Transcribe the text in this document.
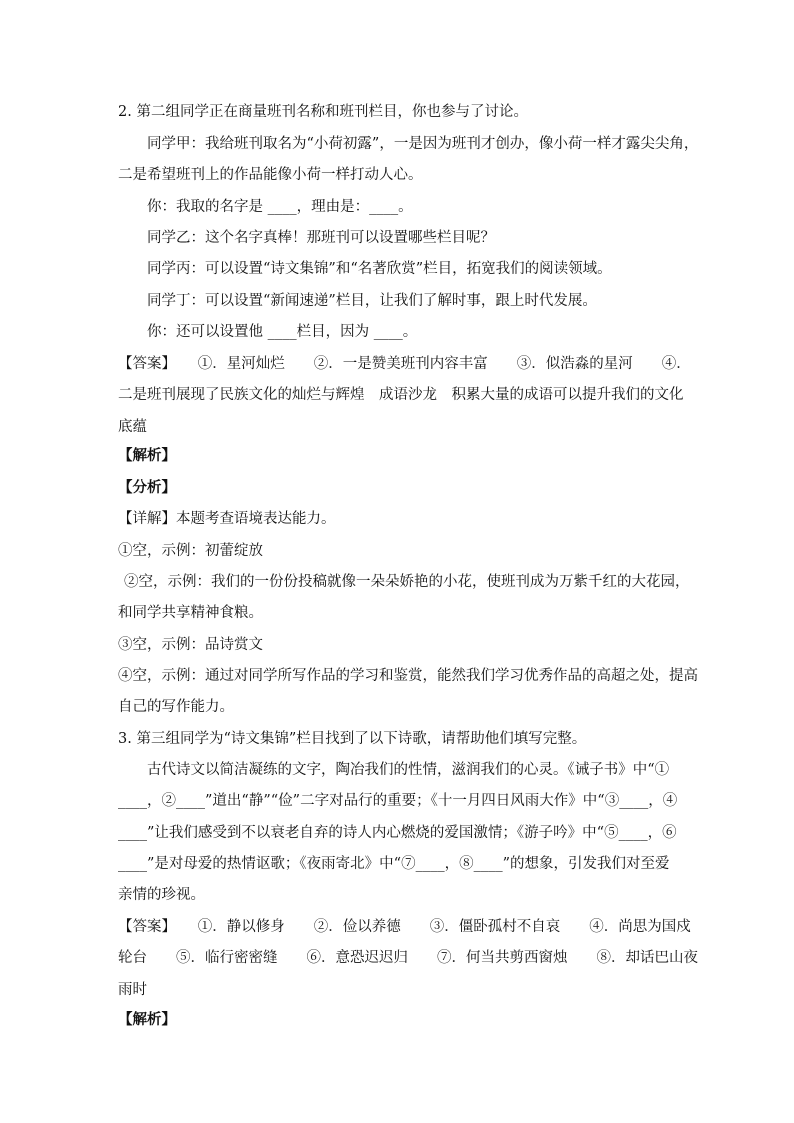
2. 第二组同学正在商量班刊名称和班刊栏目，你也参与了讨论。
同学甲：我给班刊取名为“小荷初露”，一是因为班刊才创办，像小荷一样才露尖尖角，
二是希望班刊上的作品能像小荷一样打动人心。
你：我取的名字是 ____，理由是：____。
同学乙：这个名字真棒！那班刊可以设置哪些栏目呢？
同学丙：可以设置“诗文集锦”和“名著欣赏”栏目，拓宽我们的阅读领域。
同学丁：可以设置“新闻速递”栏目，让我们了解时事，跟上时代发展。
你：还可以设置他 ____栏目，因为 ____。
【答案】　　①．星河灿烂　　②．一是赞美班刊内容丰富　　③．似浩淼的星河　　④．
二是班刊展现了民族文化的灿烂与辉煌　成语沙龙　积累大量的成语可以提升我们的文化
底蕴
【解析】
【分析】
【详解】本题考查语境表达能力。
①空，示例：初蕾绽放
②空，示例：我们的一份份投稿就像一朵朵娇艳的小花，使班刊成为万紫千红的大花园，
和同学共享精神食粮。
③空，示例：品诗赏文
④空，示例：通过对同学所写作品的学习和鉴赏，能然我们学习优秀作品的高超之处，提高
自己的写作能力。
3. 第三组同学为“诗文集锦”栏目找到了以下诗歌，请帮助他们填写完整。
古代诗文以简洁凝练的文字，陶冶我们的性情，滋润我们的心灵。《诫子书》中“①
____，②____”道出“静”“俭”二字对品行的重要；《十一月四日风雨大作》中“③____，④
____”让我们感受到不以衰老自弃的诗人内心燃烧的爱国激情；《游子吟》中“⑤____，⑥
____”是对母爱的热情讴歌；《夜雨寄北》中“⑦____，⑧____”的想象，引发我们对至爱
亲情的珍视。
【答案】　　①．静以修身　　②．俭以养德　　③．僵卧孤村不自哀　　④．尚思为国戍
轮台　　⑤．临行密密缝　　⑥．意恐迟迟归　　⑦．何当共剪西窗烛　　⑧．却话巴山夜
雨时
【解析】
